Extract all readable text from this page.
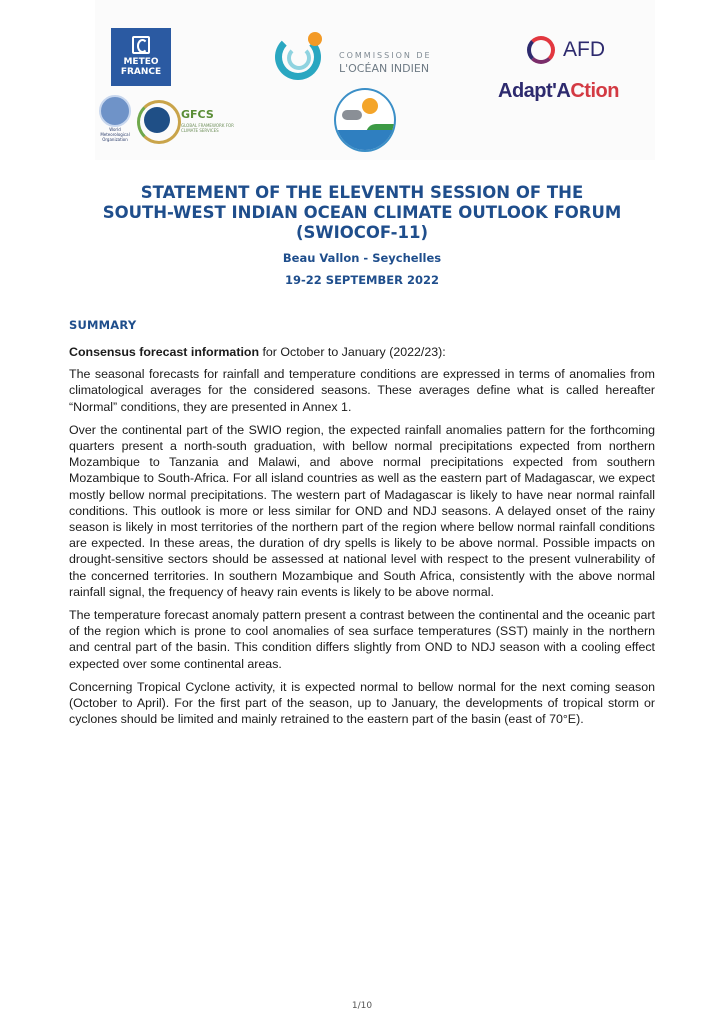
METEO
FRANCE
World
Meteorological
Organization
GFCS
GLOBAL FRAMEWORK FOR
CLIMATE SERVICES
COMMISSION DE
L'OCÉAN INDIEN
AFD
Adapt'ACtion
STATEMENT OF THE ELEVENTH SESSION OF THE
SOUTH-WEST INDIAN OCEAN CLIMATE OUTLOOK FORUM
(SWIOCOF-11)
Beau Vallon - Seychelles
19-22 SEPTEMBER 2022
SUMMARY

Consensus forecast information for October to January (2022/23):

The seasonal forecasts for rainfall and temperature conditions are expressed in terms of anomalies from climatological averages for the considered seasons. These averages define what is called hereafter “Normal” conditions, they are presented in Annex 1.

Over the continental part of the SWIO region, the expected rainfall anomalies pattern for the forthcoming quarters present a north-south graduation, with bellow normal precipitations expected from northern Mozambique to Tanzania and Malawi, and above normal precipitations expected from southern Mozambique to South-Africa. For all island countries as well as the eastern part of Madagascar, we expect mostly bellow normal precipitations. The western part of Madagascar is likely to have near normal rainfall conditions. This outlook is more or less similar for OND and NDJ seasons. A delayed onset of the rainy season is likely in most territories of the northern part of the region where bellow normal rainfall conditions are expected. In these areas, the duration of dry spells is likely to be above normal. Possible impacts on drought-sensitive sectors should be assessed at national level with respect to the present vulnerability of the concerned territories. In southern Mozambique and South Africa, consistently with the above normal rainfall signal, the frequency of heavy rain events is likely to be above normal.

The temperature forecast anomaly pattern present a contrast between the continental and the oceanic part of the region which is prone to cool anomalies of sea surface temperatures (SST) mainly in the northern and central part of the basin. This condition differs slightly from OND to NDJ season with a cooling effect expected over some continental areas.

Concerning Tropical Cyclone activity, it is expected normal to bellow normal for the next coming season (October to April). For the first part of the season, up to January, the developments of tropical storm or cyclones should be limited and mainly retrained to the eastern part of the basin (east of 70°E).

1/10
